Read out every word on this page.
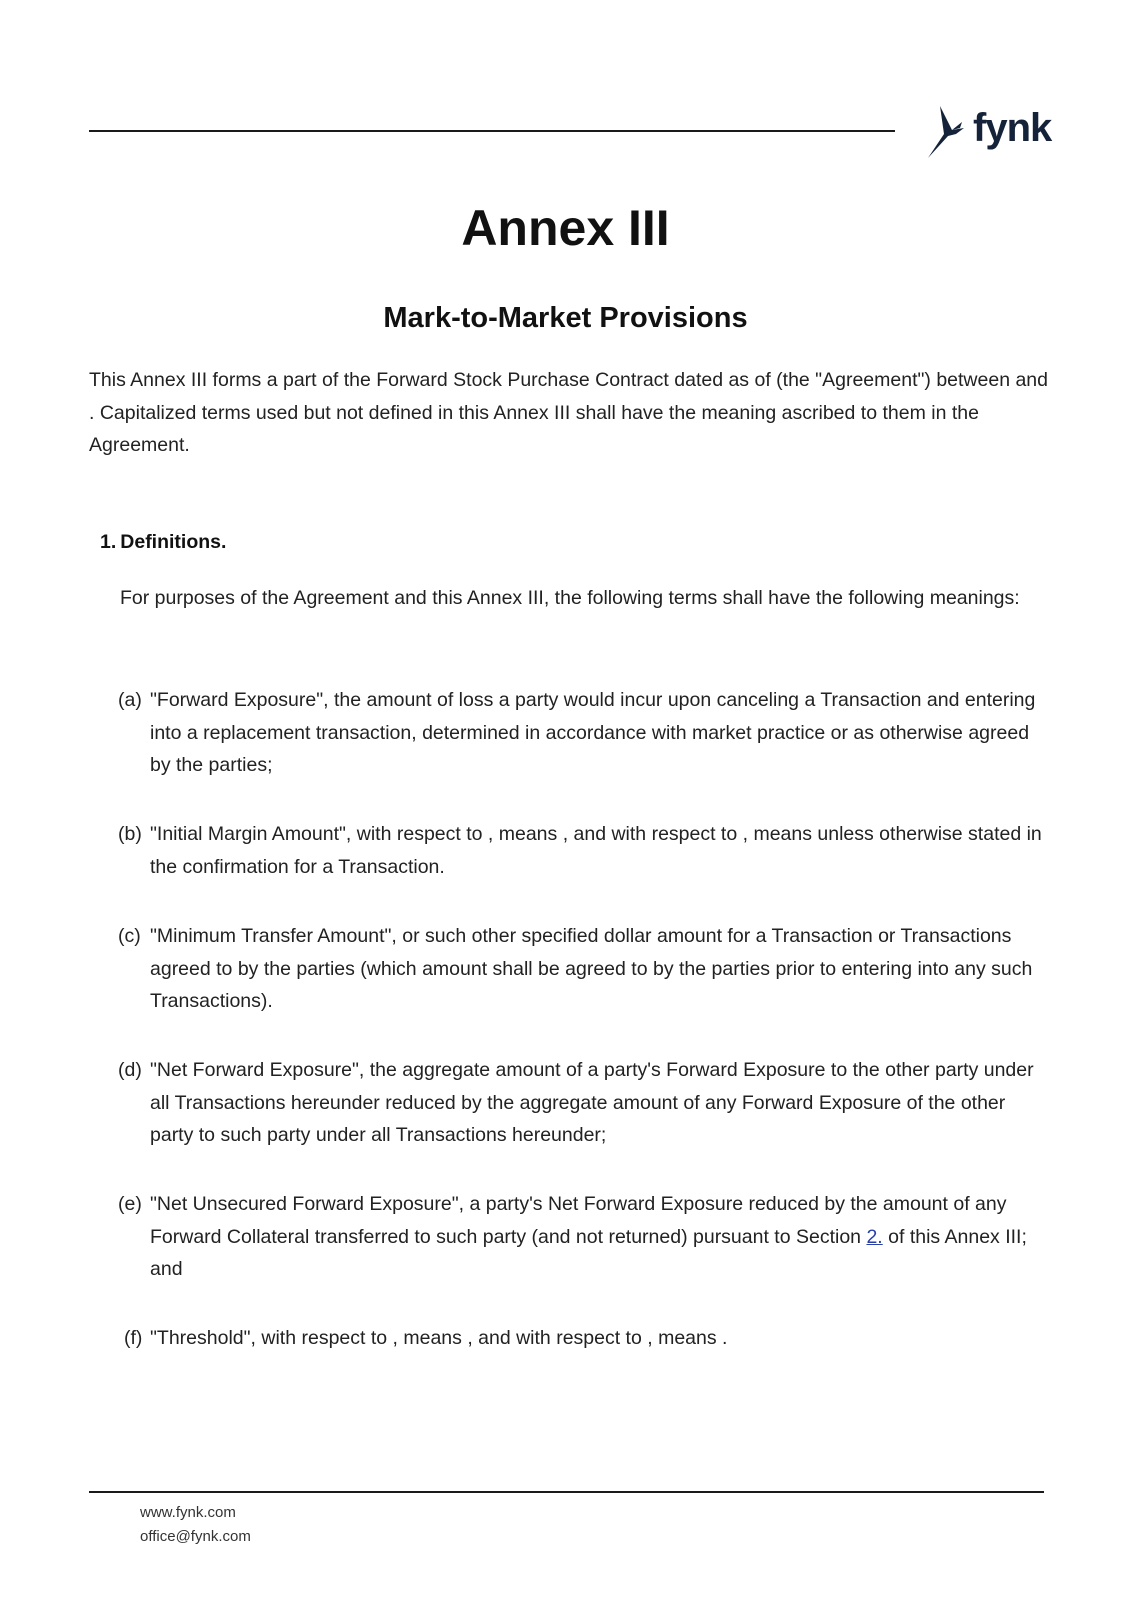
fynk
Annex III
Mark-to-Market Provisions

This Annex III forms a part of the Forward Stock Purchase Contract dated as of (the "Agreement") between and . Capitalized terms used but not defined in this Annex III shall have the meaning ascribed to them in the Agreement.

1. Definitions.

For purposes of the Agreement and this Annex III, the following terms shall have the following meanings:

(a) "Forward Exposure", the amount of loss a party would incur upon canceling a Transaction and entering into a replacement transaction, determined in accordance with market practice or as otherwise agreed by the parties;
(b) "Initial Margin Amount", with respect to , means , and with respect to , means unless otherwise stated in the confirmation for a Transaction.
(c) "Minimum Transfer Amount", or such other specified dollar amount for a Transaction or Transactions agreed to by the parties (which amount shall be agreed to by the parties prior to entering into any such Transactions).
(d) "Net Forward Exposure", the aggregate amount of a party's Forward Exposure to the other party under all Transactions hereunder reduced by the aggregate amount of any Forward Exposure of the other party to such party under all Transactions hereunder;
(e) "Net Unsecured Forward Exposure", a party's Net Forward Exposure reduced by the amount of any Forward Collateral transferred to such party (and not returned) pursuant to Section 2. of this Annex III; and
(f) "Threshold", with respect to , means , and with respect to , means .
www.fynk.com
office@fynk.com
